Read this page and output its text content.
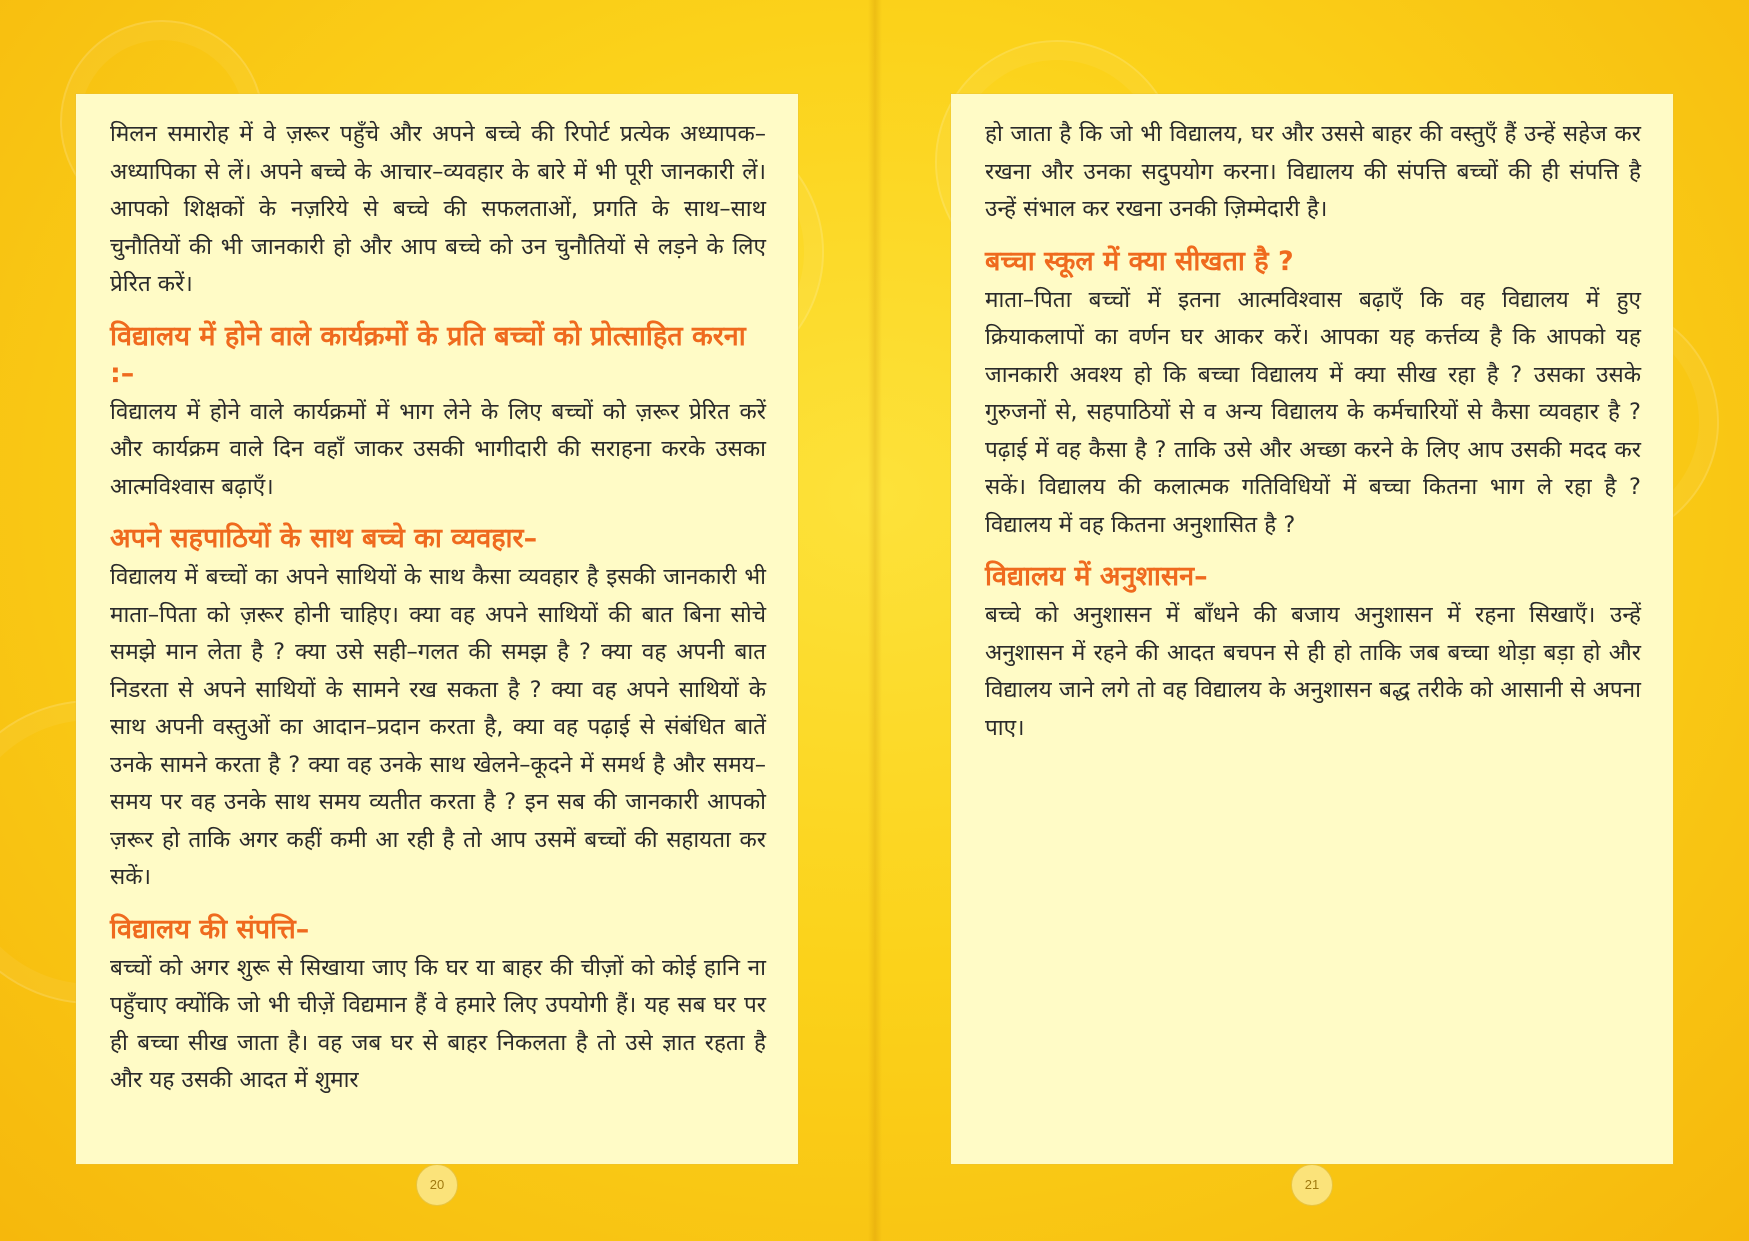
मिलन समारोह में वे ज़रूर पहुँचे और अपने बच्चे की रिपोर्ट प्रत्येक अध्यापक–अध्यापिका से लें। अपने बच्चे के आचार–व्यवहार के बारे में भी पूरी जानकारी लें। आपको शिक्षकों के नज़रिये से बच्चे की सफलताओं, प्रगति के साथ–साथ चुनौतियों की भी जानकारी हो और आप बच्चे को उन चुनौतियों से लड़ने के लिए प्रेरित करें।

विद्यालय में होने वाले कार्यक्रमों के प्रति बच्चों को प्रोत्साहित करना :–

विद्यालय में होने वाले कार्यक्रमों में भाग लेने के लिए बच्चों को ज़रूर प्रेरित करें और कार्यक्रम वाले दिन वहाँ जाकर उसकी भागीदारी की सराहना करके उसका आत्मविश्वास बढ़ाएँ।

अपने सहपाठियों के साथ बच्चे का व्यवहार–

विद्यालय में बच्चों का अपने साथियों के साथ कैसा व्यवहार है इसकी जानकारी भी माता–पिता को ज़रूर होनी चाहिए। क्या वह अपने साथियों की बात बिना सोचे समझे मान लेता है ? क्या उसे सही–गलत की समझ है ? क्या वह अपनी बात निडरता से अपने साथियों के सामने रख सकता है ? क्या वह अपने साथियों के साथ अपनी वस्तुओं का आदान–प्रदान करता है, क्या वह पढ़ाई से संबंधित बातें उनके सामने करता है ? क्या वह उनके साथ खेलने–कूदने में समर्थ है और समय–समय पर वह उनके साथ समय व्यतीत करता है ? इन सब की जानकारी आपको ज़रूर हो ताकि अगर कहीं कमी आ रही है तो आप उसमें बच्चों की सहायता कर सकें।

विद्यालय की संपत्ति–

बच्चों को अगर शुरू से सिखाया जाए कि घर या बाहर की चीज़ों को कोई हानि ना पहुँचाए क्योंकि जो भी चीज़ें विद्यमान हैं वे हमारे लिए उपयोगी हैं। यह सब घर पर ही बच्चा सीख जाता है। वह जब घर से बाहर निकलता है तो उसे ज्ञात रहता है और यह उसकी आदत में शुमार

20

हो जाता है कि जो भी विद्यालय, घर और उससे बाहर की वस्तुएँ हैं उन्हें सहेज कर रखना और उनका सदुपयोग करना। विद्यालय की संपत्ति बच्चों की ही संपत्ति है उन्हें संभाल कर रखना उनकी ज़िम्मेदारी है।

बच्चा स्कूल में क्या सीखता है ?

माता–पिता बच्चों में इतना आत्मविश्वास बढ़ाएँ कि वह विद्यालय में हुए क्रियाकलापों का वर्णन घर आकर करें। आपका यह कर्त्तव्य है कि आपको यह जानकारी अवश्य हो कि बच्चा विद्यालय में क्या सीख रहा है ? उसका उसके गुरुजनों से, सहपाठियों से व अन्य विद्यालय के कर्मचारियों से कैसा व्यवहार है ? पढ़ाई में वह कैसा है ? ताकि उसे और अच्छा करने के लिए आप उसकी मदद कर सकें। विद्यालय की कलात्मक गतिविधियों में बच्चा कितना भाग ले रहा है ? विद्यालय में वह कितना अनुशासित है ?

विद्यालय में अनुशासन–

बच्चे को अनुशासन में बाँधने की बजाय अनुशासन में रहना सिखाएँ। उन्हें अनुशासन में रहने की आदत बचपन से ही हो ताकि जब बच्चा थोड़ा बड़ा हो और विद्यालय जाने लगे तो वह विद्यालय के अनुशासन बद्ध तरीके को आसानी से अपना पाए।

21
